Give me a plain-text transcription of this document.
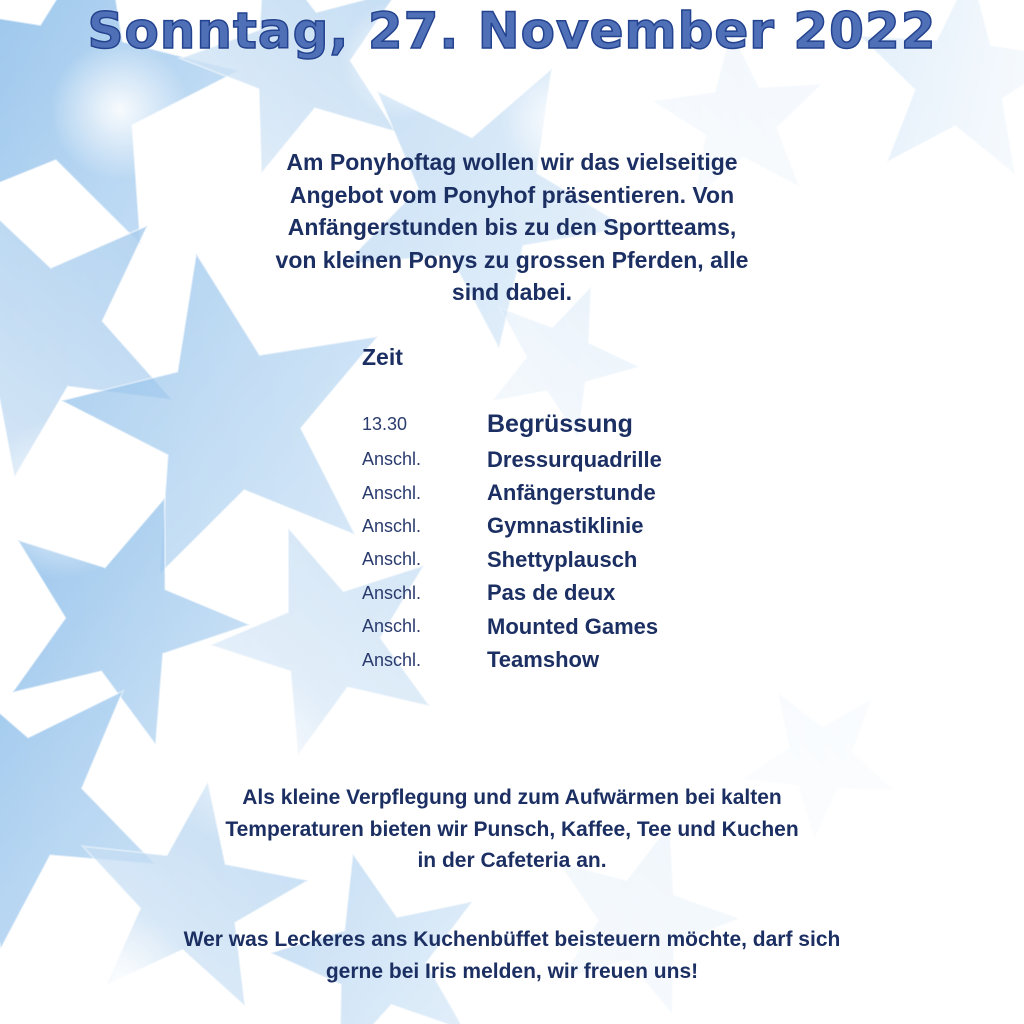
Sonntag, 27. November 2022
Am Ponyhoftag wollen wir das vielseitige
Angebot vom Ponyhof präsentieren. Von
Anfängerstunden bis zu den Sportteams,
von kleinen Ponys zu grossen Pferden, alle
sind dabei.
Zeit
13.30	Begrüssung
Anschl.	Dressurquadrille
Anschl.	Anfängerstunde
Anschl.	Gymnastiklinie
Anschl.	Shettyplausch
Anschl.	Pas de deux
Anschl.	Mounted Games
Anschl.	Teamshow
Als kleine Verpflegung und zum Aufwärmen bei kalten
Temperaturen bieten wir Punsch, Kaffee, Tee und Kuchen
in der Cafeteria an.
Wer was Leckeres ans Kuchenbüffet beisteuern möchte, darf sich
gerne bei Iris melden, wir freuen uns!
